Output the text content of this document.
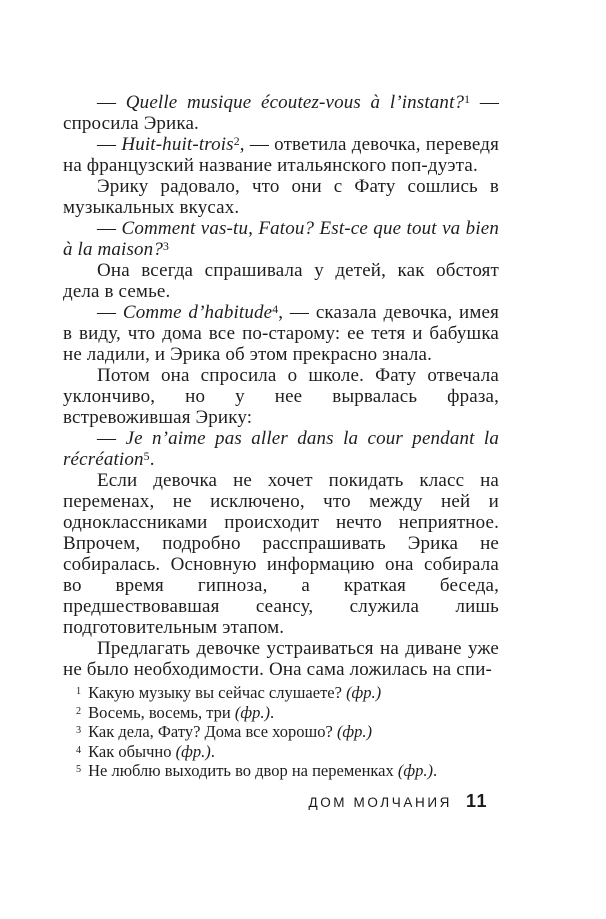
— Quelle musique écoutez-vous à l’instant?$^1$ — спросила Эрика.

— Huit-huit-trois$^2$, — ответила девочка, переведя на французский название итальянского поп-дуэта.

Эрику радовало, что они с Фату сошлись в музыкальных вкусах.

— Comment vas-tu, Fatou? Est-ce que tout va bien à la maison?$^3$

Она всегда спрашивала у детей, как обстоят дела в семье.

— Comme d’habitude$^4$, — сказала девочка, имея в виду, что дома все по-старому: ее тетя и бабушка не ладили, и Эрика об этом прекрасно знала.

Потом она спросила о школе. Фату отвечала уклончиво, но у нее вырвалась фраза, встревожившая Эрику:

— Je n’aime pas aller dans la cour pendant la récréation$^5$.

Если девочка не хочет покидать класс на переменах, не исключено, что между ней и одноклассниками происходит нечто неприятное. Впрочем, подробно расспрашивать Эрика не собиралась. Основную информацию она собирала во время гипноза, а краткая беседа, предшествовавшая сеансу, служила лишь подготовительным этапом.

Предлагать девочке устраиваться на диване уже не было необходимости. Она сама ложилась на спи-

$^1$ Какую музыку вы сейчас слушаете? (фр.)

$^2$ Восемь, восемь, три (фр.).

$^3$ Как дела, Фату? Дома все хорошо? (фр.)

$^4$ Как обычно (фр.).

$^5$ Не люблю выходить во двор на переменках (фр.).

ДОМ МОЛЧАНИЯ 11
